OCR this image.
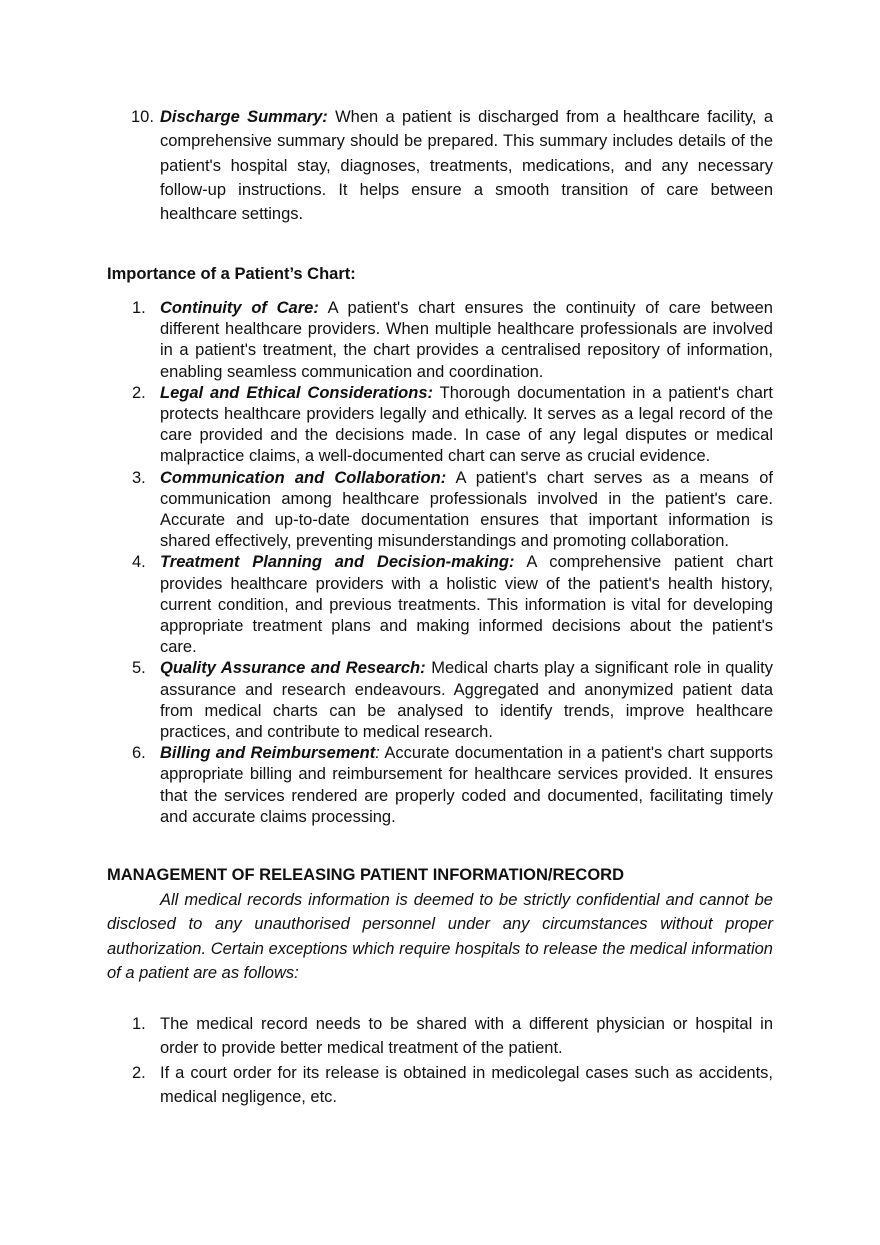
10. Discharge Summary: When a patient is discharged from a healthcare facility, a comprehensive summary should be prepared. This summary includes details of the patient's hospital stay, diagnoses, treatments, medications, and any necessary follow-up instructions. It helps ensure a smooth transition of care between healthcare settings.

Importance of a Patient’s Chart:

1. Continuity of Care: A patient's chart ensures the continuity of care between different healthcare providers. When multiple healthcare professionals are involved in a patient's treatment, the chart provides a centralised repository of information, enabling seamless communication and coordination.
2. Legal and Ethical Considerations: Thorough documentation in a patient's chart protects healthcare providers legally and ethically. It serves as a legal record of the care provided and the decisions made. In case of any legal disputes or medical malpractice claims, a well-documented chart can serve as crucial evidence.
3. Communication and Collaboration: A patient's chart serves as a means of communication among healthcare professionals involved in the patient's care. Accurate and up-to-date documentation ensures that important information is shared effectively, preventing misunderstandings and promoting collaboration.
4. Treatment Planning and Decision-making: A comprehensive patient chart provides healthcare providers with a holistic view of the patient's health history, current condition, and previous treatments. This information is vital for developing appropriate treatment plans and making informed decisions about the patient's care.
5. Quality Assurance and Research: Medical charts play a significant role in quality assurance and research endeavours. Aggregated and anonymized patient data from medical charts can be analysed to identify trends, improve healthcare practices, and contribute to medical research.
6. Billing and Reimbursement: Accurate documentation in a patient's chart supports appropriate billing and reimbursement for healthcare services provided. It ensures that the services rendered are properly coded and documented, facilitating timely and accurate claims processing.

MANAGEMENT OF RELEASING PATIENT INFORMATION/RECORD

All medical records information is deemed to be strictly confidential and cannot be disclosed to any unauthorised personnel under any circumstances without proper authorization. Certain exceptions which require hospitals to release the medical information of a patient are as follows:

1. The medical record needs to be shared with a different physician or hospital in order to provide better medical treatment of the patient.
2. If a court order for its release is obtained in medicolegal cases such as accidents, medical negligence, etc.
